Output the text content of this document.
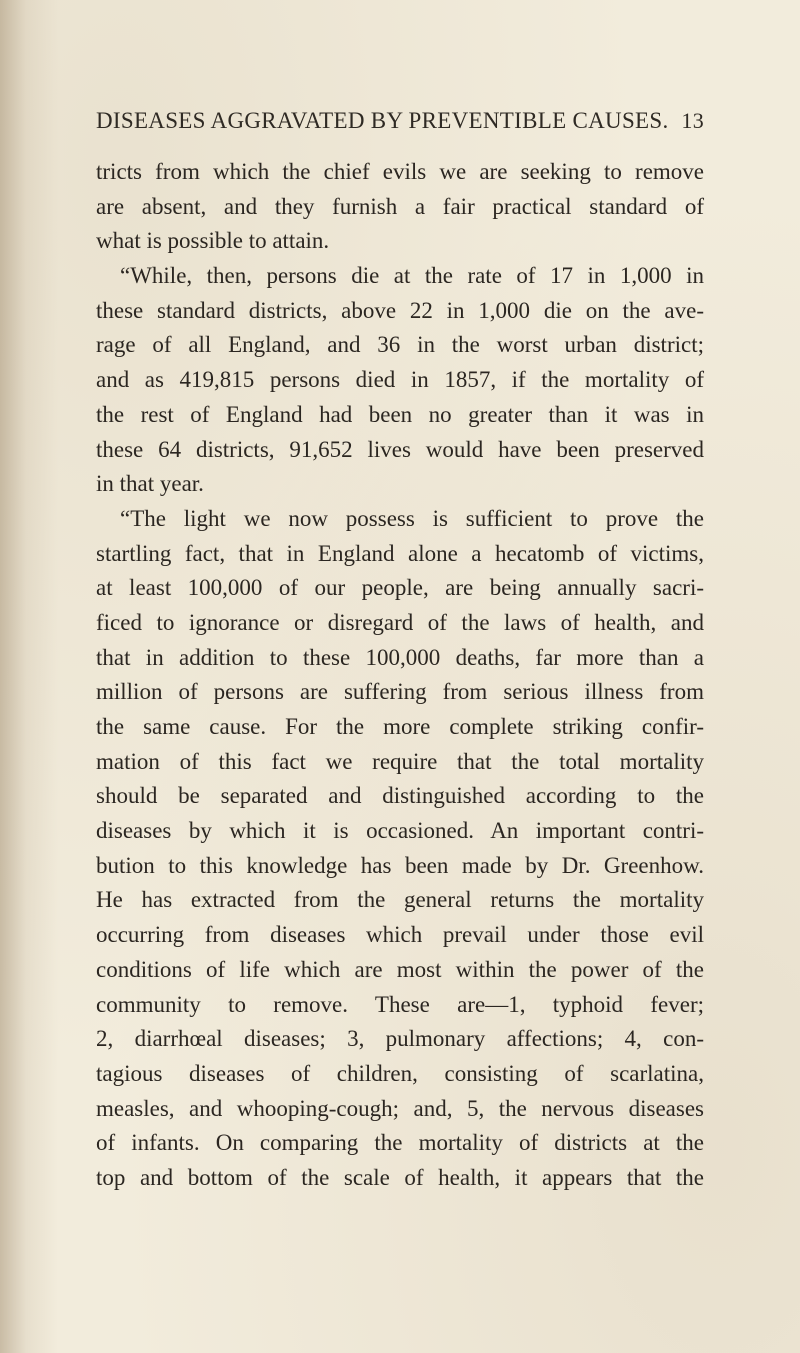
DISEASES AGGRAVATED BY PREVENTIBLE CAUSES. 13
tricts from which the chief evils we are seeking to remove
are absent, and they furnish a fair practical standard of
what is possible to attain.
“While, then, persons die at the rate of 17 in 1,000 in
these standard districts, above 22 in 1,000 die on the ave-
rage of all England, and 36 in the worst urban district;
and as 419,815 persons died in 1857, if the mortality of
the rest of England had been no greater than it was in
these 64 districts, 91,652 lives would have been preserved
in that year.
“The light we now possess is sufficient to prove the
startling fact, that in England alone a hecatomb of victims,
at least 100,000 of our people, are being annually sacri-
ficed to ignorance or disregard of the laws of health, and
that in addition to these 100,000 deaths, far more than a
million of persons are suffering from serious illness from
the same cause. For the more complete striking confir-
mation of this fact we require that the total mortality
should be separated and distinguished according to the
diseases by which it is occasioned. An important contri-
bution to this knowledge has been made by Dr. Greenhow.
He has extracted from the general returns the mortality
occurring from diseases which prevail under those evil
conditions of life which are most within the power of the
community to remove. These are—1, typhoid fever;
2, diarrhœal diseases; 3, pulmonary affections; 4, con-
tagious diseases of children, consisting of scarlatina,
measles, and whooping-cough; and, 5, the nervous diseases
of infants. On comparing the mortality of districts at the
top and bottom of the scale of health, it appears that the
